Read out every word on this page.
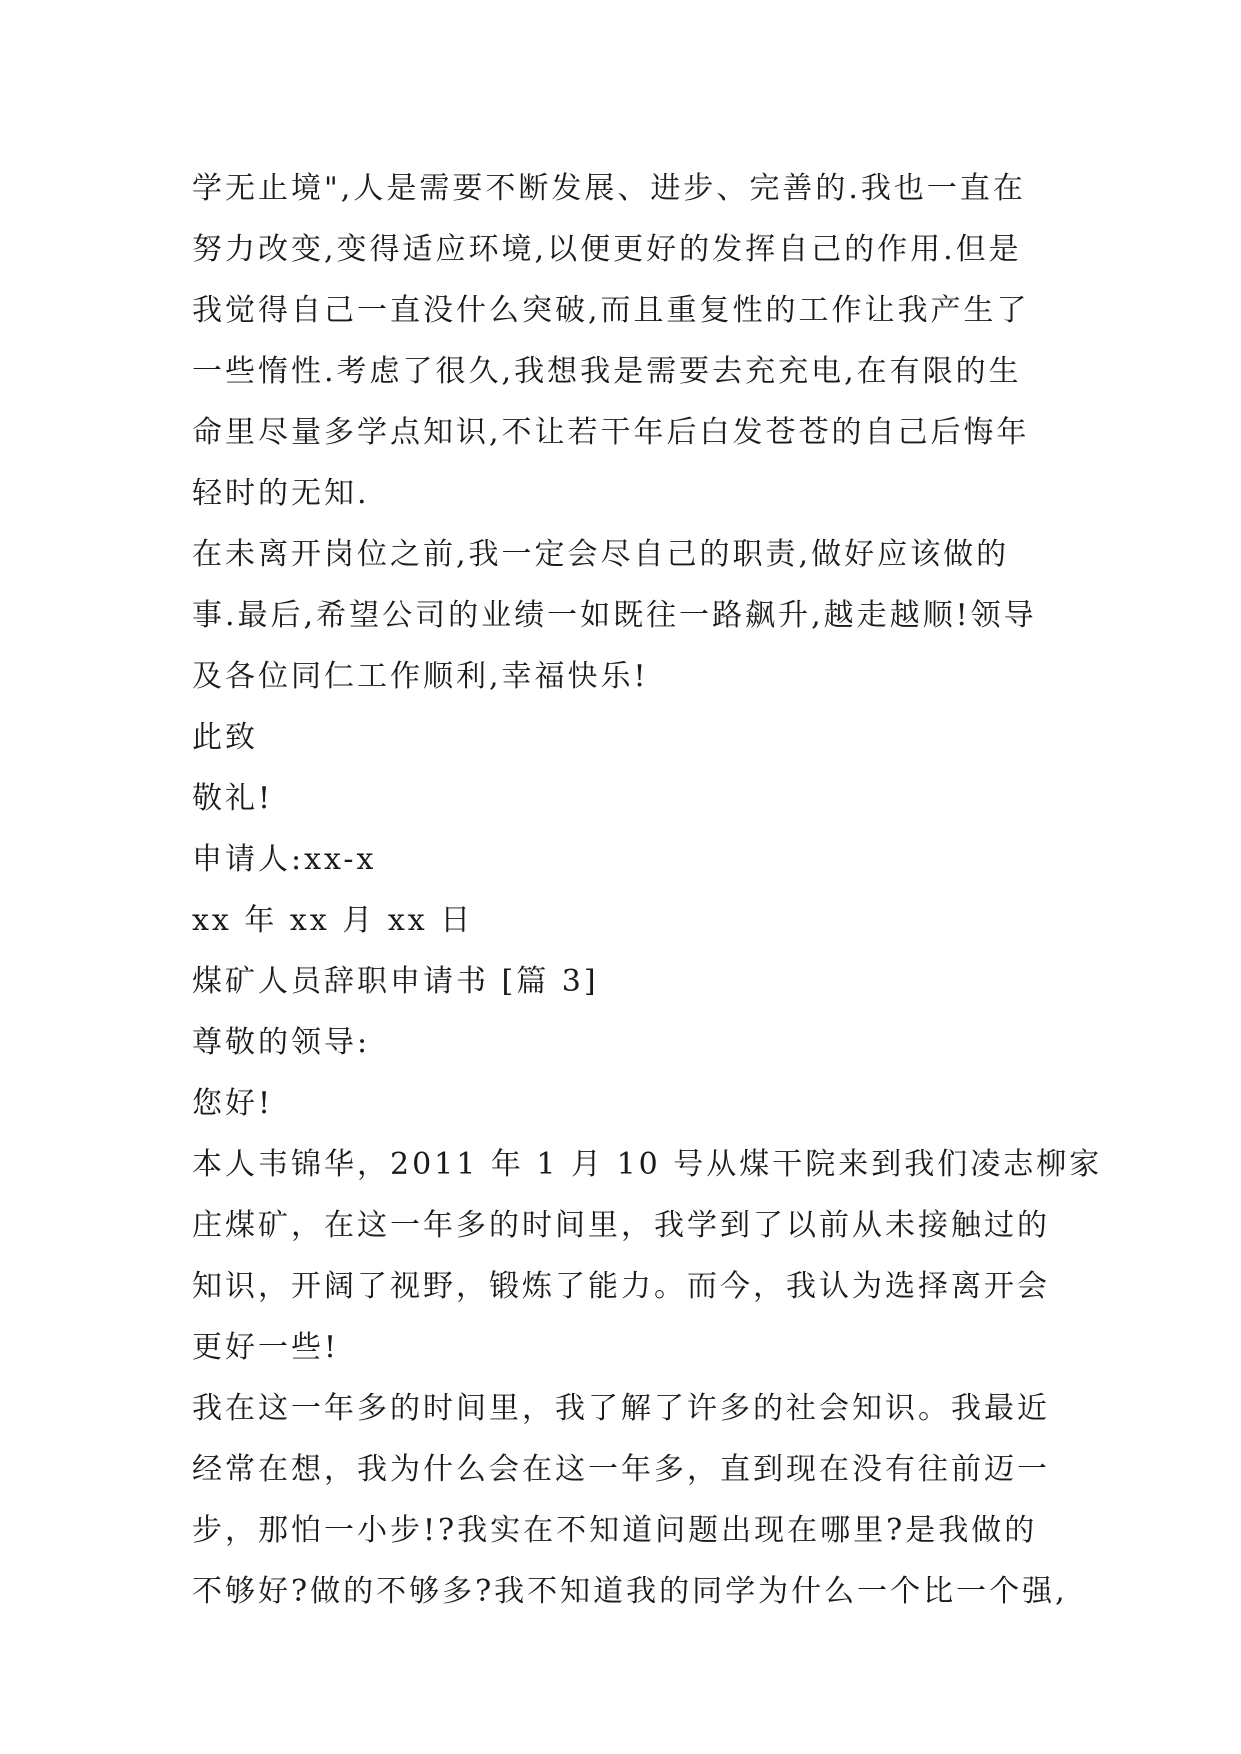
学无止境",人是需要不断发展、进步、完善的.我也一直在
努力改变,变得适应环境,以便更好的发挥自己的作用.但是
我觉得自己一直没什么突破,而且重复性的工作让我产生了
一些惰性.考虑了很久,我想我是需要去充充电,在有限的生
命里尽量多学点知识,不让若干年后白发苍苍的自己后悔年
轻时的无知.
在未离开岗位之前,我一定会尽自己的职责,做好应该做的
事.最后,希望公司的业绩一如既往一路飙升,越走越顺!领导
及各位同仁工作顺利,幸福快乐!
此致
敬礼!
申请人:xx-x
xx 年 xx 月 xx 日
煤矿人员辞职申请书 [篇 3]
尊敬的领导:
您好!
本人韦锦华，2011 年 1 月 10 号从煤干院来到我们凌志柳家
庄煤矿，在这一年多的时间里，我学到了以前从未接触过的
知识，开阔了视野，锻炼了能力。而今，我认为选择离开会
更好一些!
我在这一年多的时间里，我了解了许多的社会知识。我最近
经常在想，我为什么会在这一年多，直到现在没有往前迈一
步，那怕一小步!?我实在不知道问题出现在哪里?是我做的
不够好?做的不够多?我不知道我的同学为什么一个比一个强,
